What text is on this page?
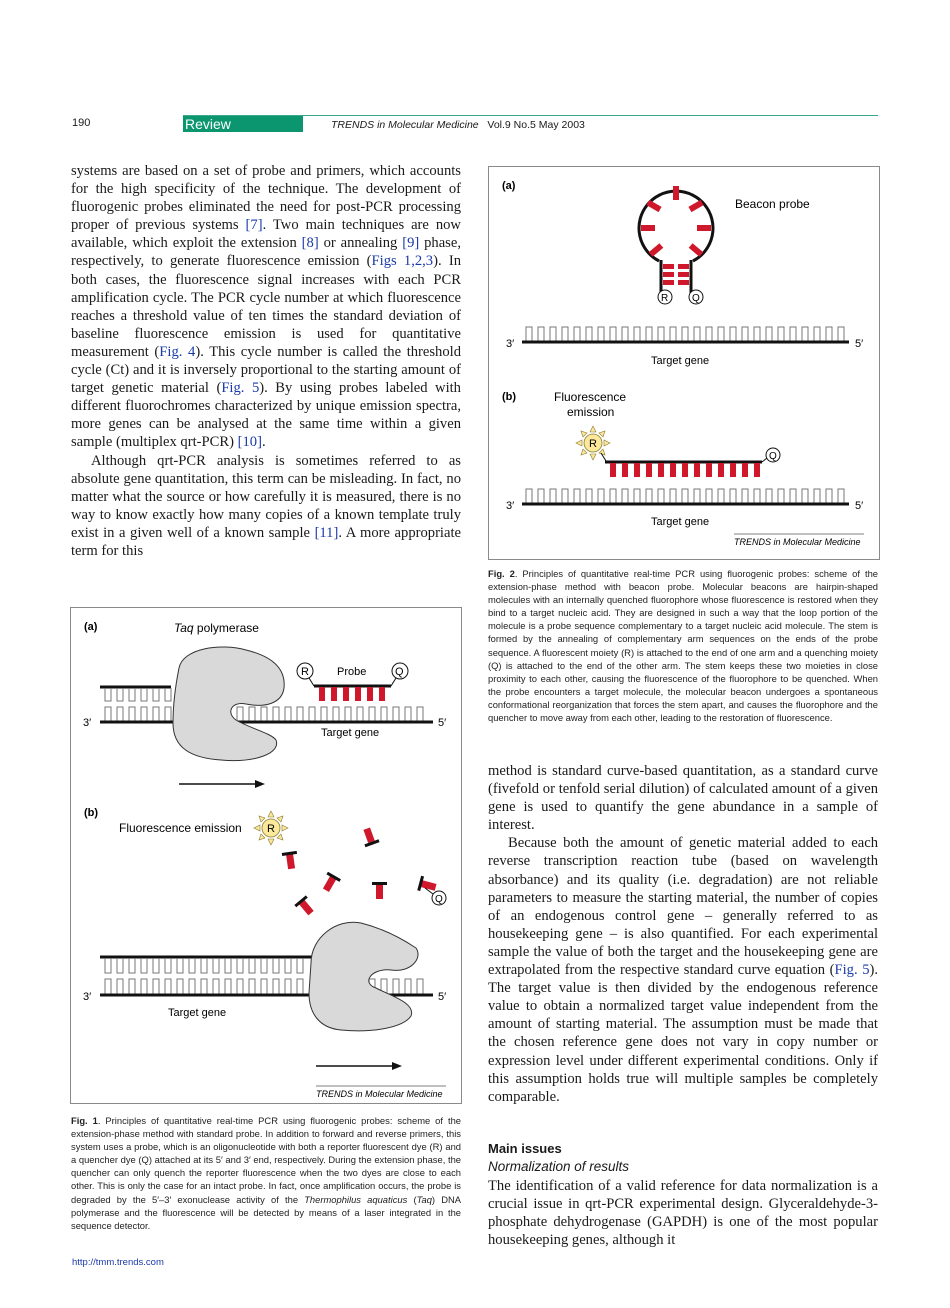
190	Review	TRENDS in Molecular Medicine Vol.9 No.5 May 2003

systems are based on a set of probe and primers, which accounts for the high specificity of the technique. The development of fluorogenic probes eliminated the need for post-PCR processing proper of previous systems [7]. Two main techniques are now available, which exploit the extension [8] or annealing [9] phase, respectively, to generate fluorescence emission (Figs 1,2,3). In both cases, the fluorescence signal increases with each PCR amplification cycle. The PCR cycle number at which fluorescence reaches a threshold value of ten times the standard deviation of baseline fluorescence emission is used for quantitative measurement (Fig. 4). This cycle number is called the threshold cycle (Ct) and it is inversely proportional to the starting amount of target genetic material (Fig. 5). By using probes labeled with different fluorochromes characterized by unique emission spectra, more genes can be analysed at the same time within a given sample (multiplex qrt-PCR) [10].

Although qrt-PCR analysis is sometimes referred to as absolute gene quantitation, this term can be misleading. In fact, no matter what the source or how carefully it is measured, there is no way to know exactly how many copies of a known template truly exist in a given well of a known sample [11]. A more appropriate term for this

(a)	Taq polymerase
3′	5′
R	Q
Probe
Target gene
(b)
Fluorescence emission R
Q
3′	5′
Target gene
TRENDS in Molecular Medicine
Fig. 1. Principles of quantitative real-time PCR using fluorogenic probes: scheme of the extension-phase method with standard probe. In addition to forward and reverse primers, this system uses a probe, which is an oligonucleotide with both a reporter fluorescent dye (R) and a quencher dye (Q) attached at its 5′ and 3′ end, respectively. During the extension phase, the quencher can only quench the reporter fluorescence when the two dyes are close to each other. This is only the case for an intact probe. In fact, once amplification occurs, the probe is degraded by the 5′–3′ exonuclease activity of the Thermophilus aquaticus (Taq) DNA polymerase and the fluorescence will be detected by means of a laser integrated in the sequence detector.
http://tmm.trends.com
(a)
Beacon probe
R Q
3′	5′
Target gene
(b)	Fluorescence
emission
R
Q
3′	5′
Target gene
TRENDS in Molecular Medicine
Fig. 2. Principles of quantitative real-time PCR using fluorogenic probes: scheme of the extension-phase method with beacon probe. Molecular beacons are hairpin-shaped molecules with an internally quenched fluorophore whose fluorescence is restored when they bind to a target nucleic acid. They are designed in such a way that the loop portion of the molecule is a probe sequence complementary to a target nucleic acid molecule. The stem is formed by the annealing of complementary arm sequences on the ends of the probe sequence. A fluorescent moiety (R) is attached to the end of one arm and a quenching moiety (Q) is attached to the end of the other arm. The stem keeps these two moieties in close proximity to each other, causing the fluorescence of the fluorophore to be quenched. When the probe encounters a target molecule, the molecular beacon undergoes a spontaneous conformational reorganization that forces the stem apart, and causes the fluorophore and the quencher to move away from each other, leading to the restoration of fluorescence.

method is standard curve-based quantitation, as a standard curve (fivefold or tenfold serial dilution) of calculated amount of a given gene is used to quantify the gene abundance in a sample of interest.

Because both the amount of genetic material added to each reverse transcription reaction tube (based on wavelength absorbance) and its quality (i.e. degradation) are not reliable parameters to measure the starting material, the number of copies of an endogenous control gene – generally referred to as housekeeping gene – is also quantified. For each experimental sample the value of both the target and the housekeeping gene are extrapolated from the respective standard curve equation (Fig. 5). The target value is then divided by the endogenous reference value to obtain a normalized target value independent from the amount of starting material. The assumption must be made that the chosen reference gene does not vary in copy number or expression level under different experimental conditions. Only if this assumption holds true will multiple samples be completely comparable.

Main issues
Normalization of results

The identification of a valid reference for data normalization is a crucial issue in qrt-PCR experimental design. Glyceraldehyde-3-phosphate dehydrogenase (GAPDH) is one of the most popular housekeeping genes, although it
